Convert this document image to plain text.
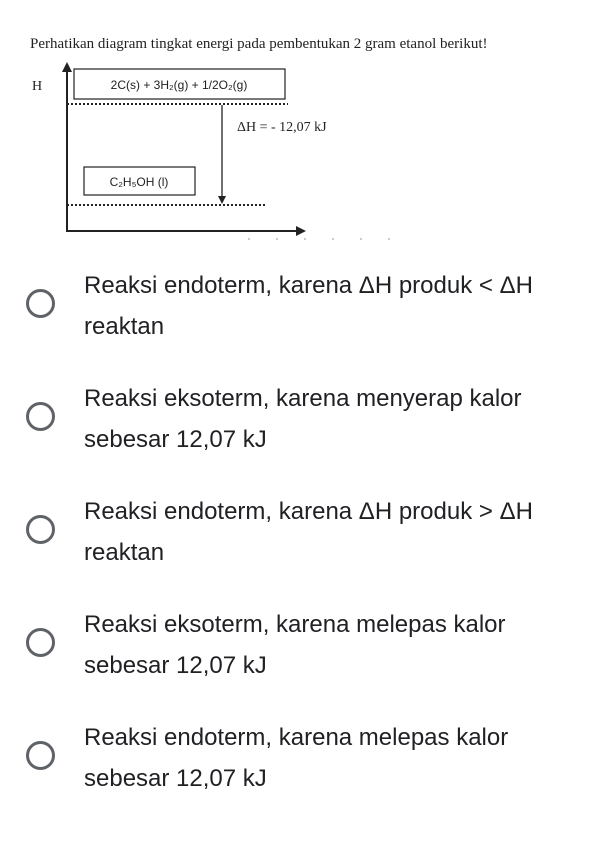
Perhatikan diagram tingkat energi pada pembentukan 2 gram etanol berikut!
H	2C(s) + 3H₂(g) + 1/2O₂(g)
ΔH = - 12,07 kJ
C₂H₅OH (l)
Reaksi endoterm, karena ΔH produk < ΔH reaktan
Reaksi eksoterm, karena menyerap kalor sebesar 12,07 kJ
Reaksi endoterm, karena ΔH produk > ΔH reaktan
Reaksi eksoterm, karena melepas kalor sebesar 12,07 kJ
Reaksi endoterm, karena melepas kalor sebesar 12,07 kJ
